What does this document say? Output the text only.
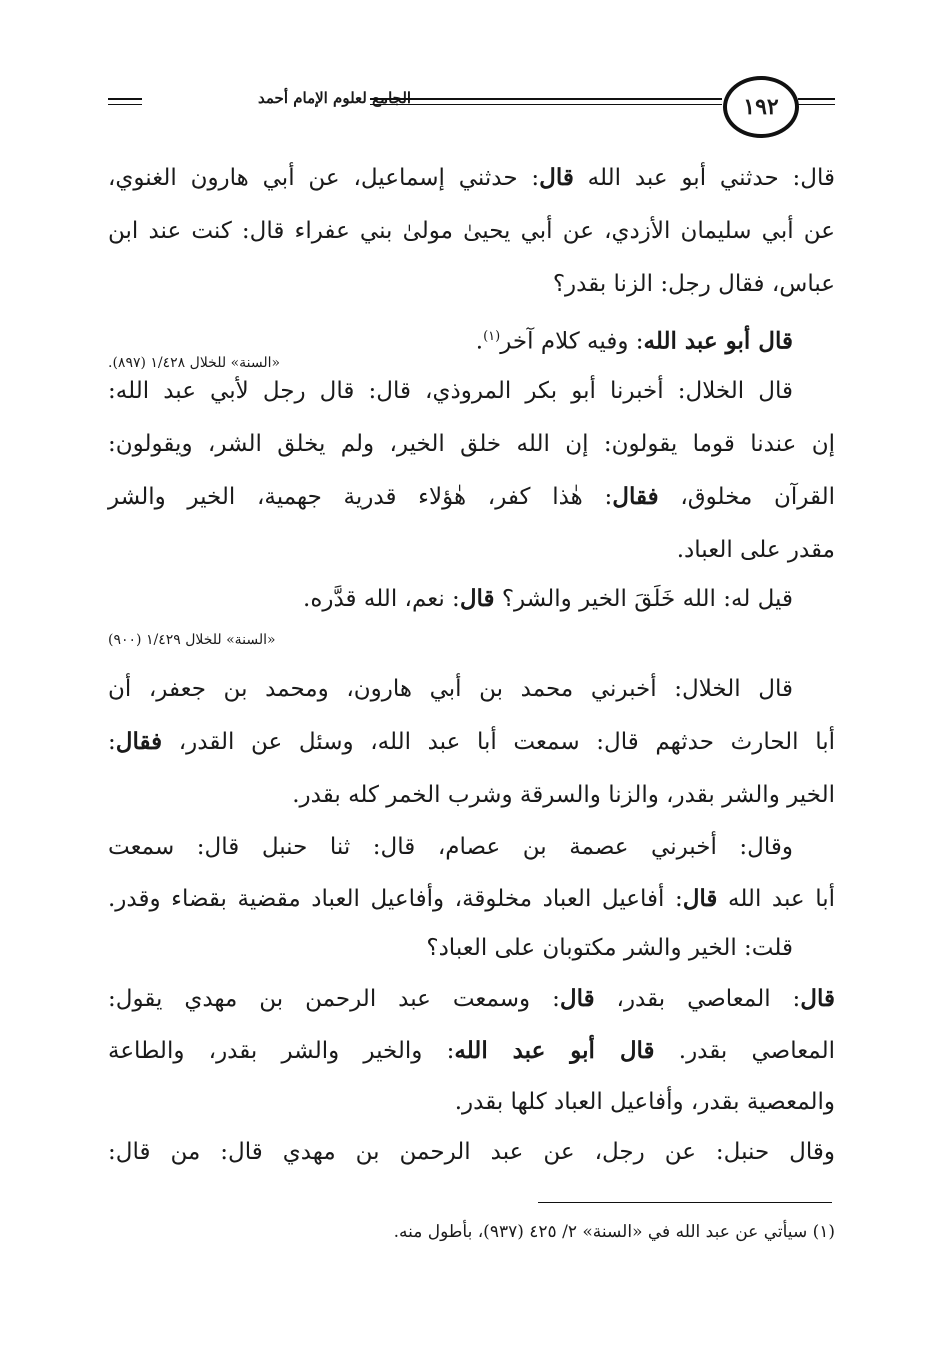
الجامع لعلوم الإمام أحمد	١٩٢
قال: حدثني أبو عبد الله قال: حدثني إسماعيل، عن أبي هارون الغنوي،
عن أبي سليمان الأزدي، عن أبي يحيىٰ مولىٰ بني عفراء قال: كنت عند ابن
عباس، فقال رجل: الزنا بقدر؟
قال أبو عبد الله: وفيه كلام آخر$^{(١)}$.
«السنة» للخلال ١/٤٢٨ (٨٩٧).
قال الخلال: أخبرنا أبو بكر المروذي، قال: قال رجل لأبي عبد الله:
إن عندنا قوما يقولون: إن الله خلق الخير، ولم يخلق الشر، ويقولون:
القرآن مخلوق، فقال: هٰذا كفر، هٰؤلاء قدرية جهمية، الخير والشر
مقدر على العباد.
قيل له: الله خَلَقَ الخير والشر؟ قال: نعم، الله قدَّره.
«السنة» للخلال ١/٤٢٩ (٩٠٠)
قال الخلال: أخبرني محمد بن أبي هارون، ومحمد بن جعفر، أن
أبا الحارث حدثهم قال: سمعت أبا عبد الله، وسئل عن القدر، فقال:
الخير والشر بقدر، والزنا والسرقة وشرب الخمر كله بقدر.
وقال: أخبرني عصمة بن عصام، قال: ثنا حنبل قال: سمعت
أبا عبد الله قال: أفاعيل العباد مخلوقة، وأفاعيل العباد مقضية بقضاء وقدر.
قلت: الخير والشر مكتوبان على العباد؟
قال: المعاصي بقدر، قال: وسمعت عبد الرحمن بن مهدي يقول:
المعاصي بقدر. قال أبو عبد الله: والخير والشر بقدر، والطاعة
والمعصية بقدر، وأفاعيل العباد كلها بقدر.
وقال حنبل: عن رجل، عن عبد الرحمن بن مهدي قال: من قال:
(١) سيأتي عن عبد الله في «السنة» ٢/ ٤٢٥ (٩٣٧)، بأطول منه.
